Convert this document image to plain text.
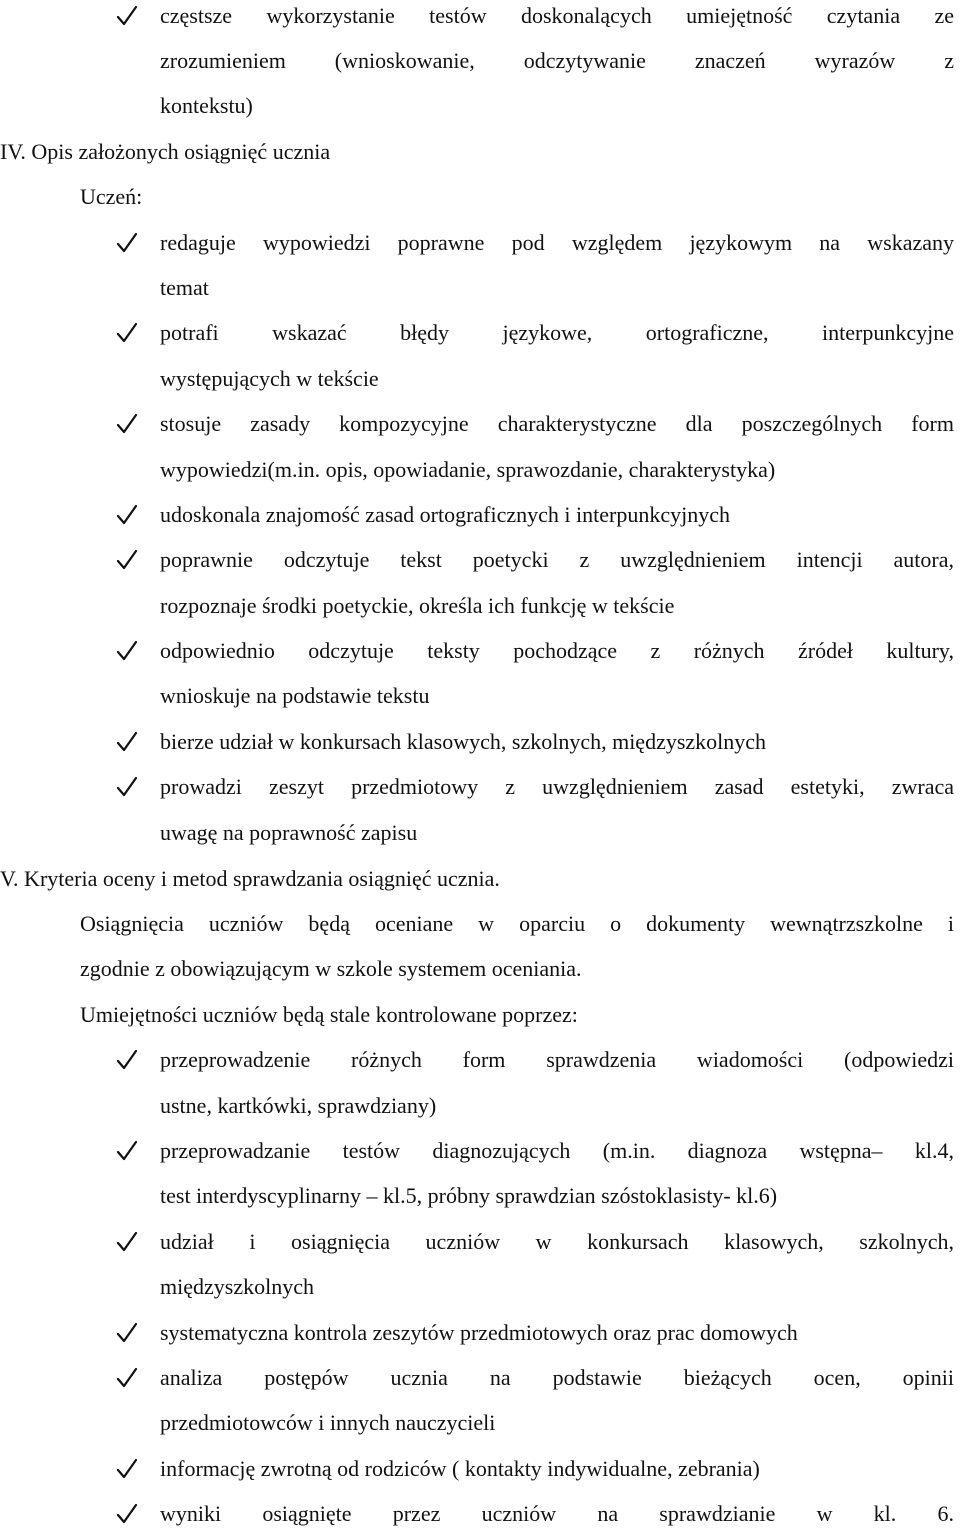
częstsze wykorzystanie testów doskonalących umiejętność czytania ze
zrozumieniem (wnioskowanie, odczytywanie znaczeń wyrazów z
kontekstu)
IV. Opis założonych osiągnięć ucznia
Uczeń:
redaguje wypowiedzi poprawne pod względem językowym na wskazany
temat
potrafi wskazać błędy językowe, ortograficzne, interpunkcyjne
występujących w tekście
stosuje zasady kompozycyjne charakterystyczne dla poszczególnych form
wypowiedzi(m.in. opis, opowiadanie, sprawozdanie, charakterystyka)
udoskonala znajomość zasad ortograficznych i interpunkcyjnych
poprawnie odczytuje tekst poetycki z uwzględnieniem intencji autora,
rozpoznaje środki poetyckie, określa ich funkcję w tekście
odpowiednio odczytuje teksty pochodzące z różnych źródeł kultury,
wnioskuje na podstawie tekstu
bierze udział w konkursach klasowych, szkolnych, międzyszkolnych
prowadzi zeszyt przedmiotowy z uwzględnieniem zasad estetyki, zwraca
uwagę na poprawność zapisu
V. Kryteria oceny i metod sprawdzania osiągnięć ucznia.
Osiągnięcia uczniów będą oceniane w oparciu o dokumenty wewnątrzszkolne i
zgodnie z obowiązującym w szkole systemem oceniania.
Umiejętności uczniów będą stale kontrolowane poprzez:
przeprowadzenie różnych form sprawdzenia wiadomości (odpowiedzi
ustne, kartkówki, sprawdziany)
przeprowadzanie testów diagnozujących (m.in. diagnoza wstępna– kl.4,
test interdyscyplinarny – kl.5, próbny sprawdzian szóstoklasisty- kl.6)
udział i osiągnięcia uczniów w konkursach klasowych, szkolnych,
międzyszkolnych
systematyczna kontrola zeszytów przedmiotowych oraz prac domowych
analiza postępów ucznia na podstawie bieżących ocen, opinii
przedmiotowców i innych nauczycieli
informację zwrotną od rodziców ( kontakty indywidualne, zebrania)
wyniki osiągnięte przez uczniów na sprawdzianie w kl. 6.
